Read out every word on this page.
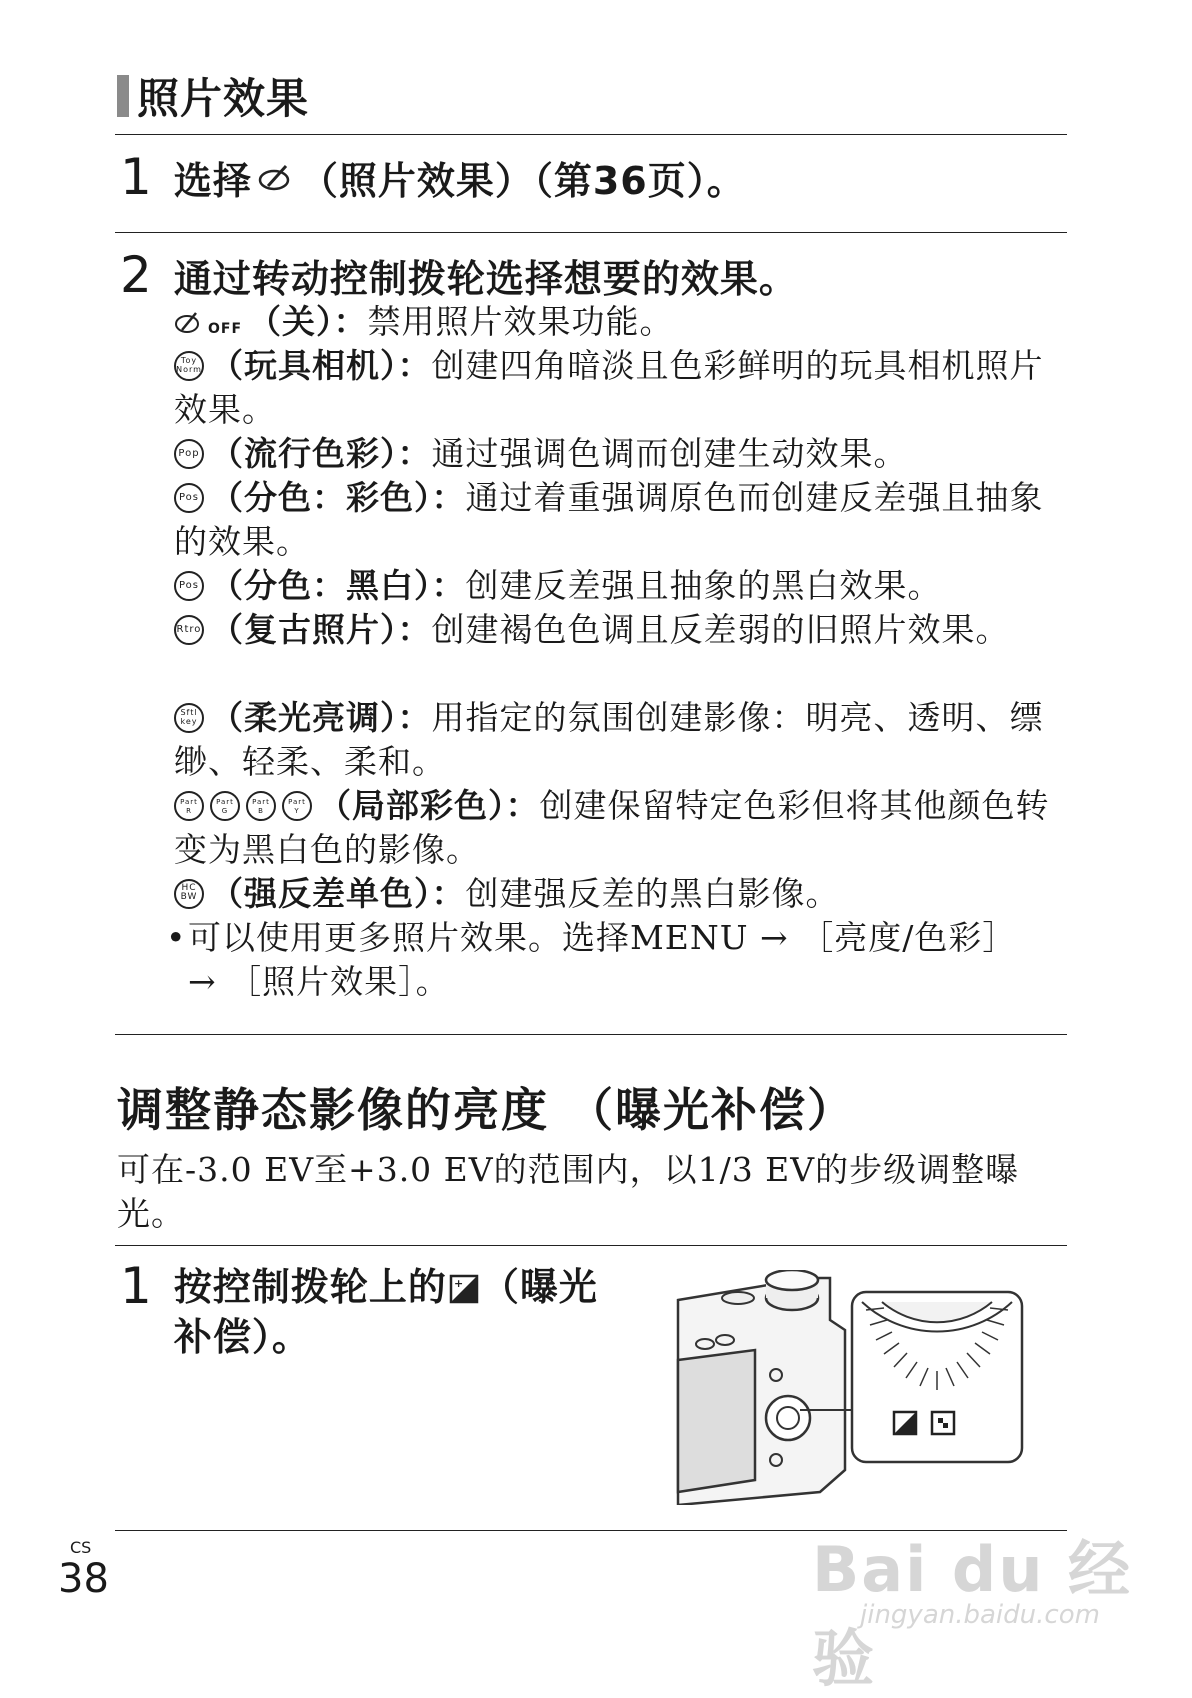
照片效果
1 选择 （照片效果）（第36页）。
2 通过转动控制拨轮选择想要的效果。
OFF （关）：禁用照片效果功能。
Toy
Norm （玩具相机）：创建四角暗淡且色彩鲜明的玩具相机照片效果。
Pop （流行色彩）：通过强调色调而创建生动效果。
Pos （分色：彩色）：通过着重强调原色而创建反差强且抽象的效果。
Pos （分色：黑白）：创建反差强且抽象的黑白效果。
Rtro （复古照片）：创建褐色色调且反差弱的旧照片效果。
Sftl
key （柔光亮调）：用指定的氛围创建影像：明亮、透明、缥缈、轻柔、柔和。
Part RPart GPart BPart Y （局部彩色）：创建保留特定色彩但将其他颜色转变为黑白色的影像。
HC
BW （强反差单色）：创建强反差的黑白影像。
• 可以使用更多照片效果。选择MENU → ［亮度/色彩］ → ［照片效果］。
调整静态影像的亮度 （曝光补偿）
可在-3.0 EV至+3.0 EV的范围内，以1/3 EV的步级调整曝光。
1 按控制拨轮上的 + （曝光补偿）。
CS
38	Bai du 经验
jingyan.baidu.com
